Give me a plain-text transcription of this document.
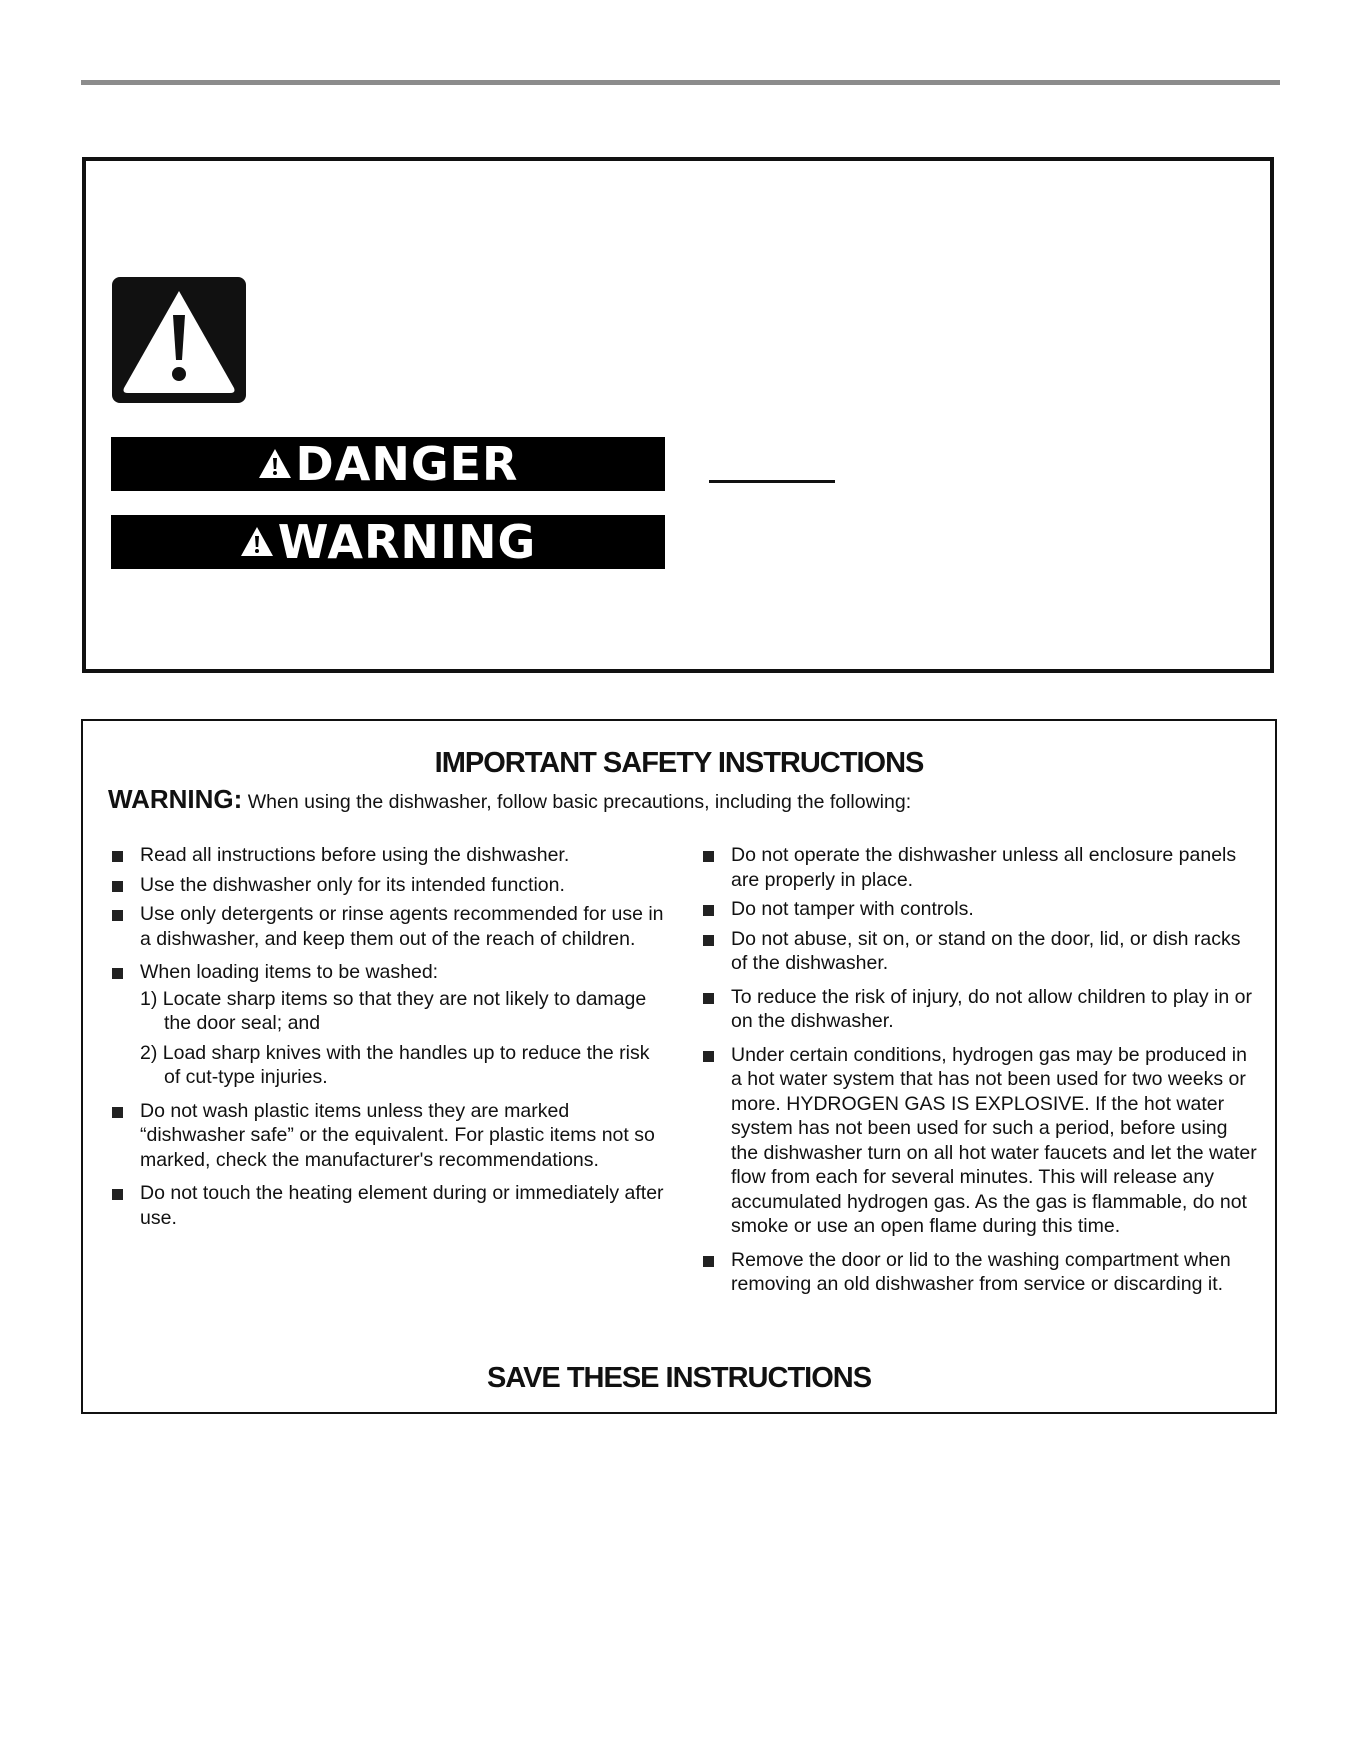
DANGER
WARNING
IMPORTANT SAFETY INSTRUCTIONS
WARNING: When using the dishwasher, follow basic precautions, including the following:
Read all instructions before using the dishwasher.
Use the dishwasher only for its intended function.
Use only detergents or rinse agents recommended for use in a dishwasher, and keep them out of the reach of children.
When loading items to be washed:
1) Locate sharp items so that they are not likely to damage the door seal; and
2) Load sharp knives with the handles up to reduce the risk of cut-type injuries.
Do not wash plastic items unless they are marked “dishwasher safe” or the equivalent. For plastic items not so marked, check the manufacturer's recommendations.
Do not touch the heating element during or immediately after use.
Do not operate the dishwasher unless all enclosure panels are properly in place.
Do not tamper with controls.
Do not abuse, sit on, or stand on the door, lid, or dish racks of the dishwasher.
To reduce the risk of injury, do not allow children to play in or on the dishwasher.
Under certain conditions, hydrogen gas may be produced in a hot water system that has not been used for two weeks or more. HYDROGEN GAS IS EXPLOSIVE. If the hot water system has not been used for such a period, before using the dishwasher turn on all hot water faucets and let the water flow from each for several minutes. This will release any accumulated hydrogen gas. As the gas is flammable, do not smoke or use an open flame during this time.
Remove the door or lid to the washing compartment when removing an old dishwasher from service or discarding it.
SAVE THESE INSTRUCTIONS
